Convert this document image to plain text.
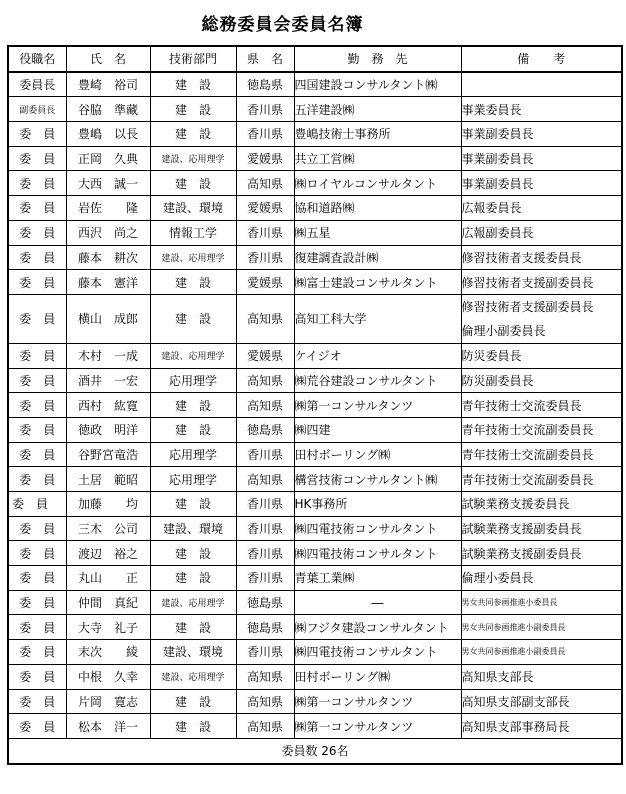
総務委員会委員名簿
役職名	氏　名	技術部門	県　名	勤　務　先	備　　考
委員長	豊崎　裕司	建　設	徳島県	四国建設コンサルタント㈱	
副委員長	谷脇　準藏	建　設	香川県	五洋建設㈱	事業委員長
委　員	豊嶋　以長	建　設	香川県	豊嶋技術士事務所	事業副委員長
委　員	正岡　久典	建設、応用理学	愛媛県	共立工営㈱	事業副委員長
委　員	大西　誠一	建　設	高知県	㈱ロイヤルコンサルタント	事業副委員長
委　員	岩佐　　隆	建設、環境	愛媛県	協和道路㈱	広報委員長
委　員	西沢　尚之	情報工学	香川県	㈱五星	広報副委員長
委　員	藤本　耕次	建設、応用理学	香川県	復建調査設計㈱	修習技術者支援委員長
委　員	藤本　憲洋	建　設	愛媛県	㈱富士建設コンサルタント	修習技術者支援副委員長
委　員	横山　成郎	建　設	高知県	高知工科大学	修習技術者支援副委員長
倫理小副委員長

委　員	木村　一成	建設、応用理学	愛媛県	ケイジオ	防災委員長
委　員	酒井　一宏	応用理学	高知県	㈱荒谷建設コンサルタント	防災副委員長
委　員	西村　紘寛	建　設	高知県	㈱第一コンサルタンツ	青年技術士交流委員長
委　員	徳政　明洋	建　設	徳島県	㈱四建	青年技術士交流副委員長
委　員	谷野宮竜浩	応用理学	香川県	田村ボーリング㈱	青年技術士交流副委員長
委　員	土居　範昭	応用理学	高知県	構営技術コンサルタント㈱	青年技術士交流副委員長
委　員	加藤　　均	建　設	香川県	HK事務所	試験業務支援委員長
委　員	三木　公司	建設、環境	香川県	㈱四電技術コンサルタント	試験業務支援副委員長
委　員	渡辺　裕之	建　設	香川県	㈱四電技術コンサルタント	試験業務支援副委員長
委　員	丸山　　正	建　設	香川県	青葉工業㈱	倫理小委員長
委　員	仲間　真紀	建設、応用理学	徳島県	―	男女共同参画推進小委員長
委　員	大寺　礼子	建　設	徳島県	㈱フジタ建設コンサルタント	男女共同参画推進小副委員長
委　員	末次　　綾	建設、環境	香川県	㈱四電技術コンサルタント	男女共同参画推進小副委員長
委　員	中根　久幸	建設、応用理学	高知県	田村ボーリング㈱	高知県支部長
委　員	片岡　寛志	建　設	高知県	㈱第一コンサルタンツ	高知県支部副支部長
委　員	松本　洋一	建　設	高知県	㈱第一コンサルタンツ	高知県支部事務局長
委員数 26名					
